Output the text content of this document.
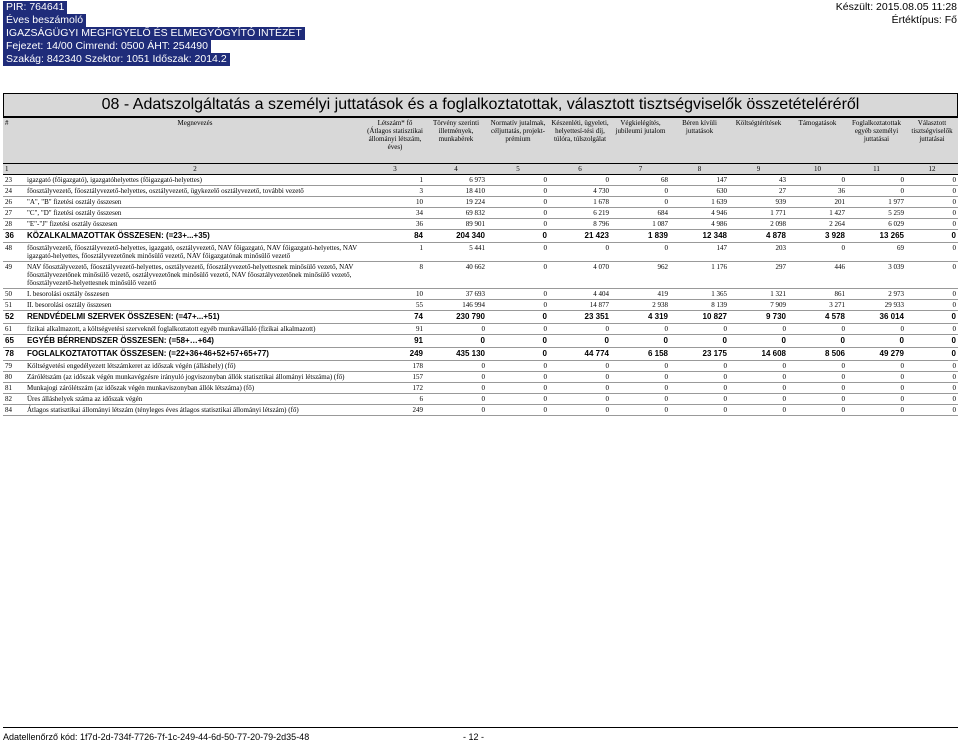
PIR: 764641
Éves beszámoló
IGAZSÁGÜGYI MEGFIGYELŐ ÉS ELMEGYÓGYÍTÓ INTÉZET
Fejezet: 14/00 Cimrend: 0500 ÁHT: 254490
Szakág: 842340 Szektor: 1051 Időszak: 2014.2
Készült: 2015.08.05 11:28
Értéktípus: Fő
08 - Adatszolgáltatás a személyi juttatások és a foglalkoztatottak, választott tisztségviselők összetételéréről
#	Megnevezés	Létszám* fő (Átlagos statisztikai állományi létszám, éves)	Törvény szerinti illetmények, munkabérek	Normatív jutalmak, céljuttatás, projekt-prémium	Készenléti, ügyeleti, helyettesí-tési díj, túlóra, túlszolgálat	Végkielégítés, jubileumi jutalom	Béren kívüli juttatások	Költségtérítések	Támogatások	Foglalkoztatottak egyéb személyi juttatásai	Választott tisztségviselők juttatásai
1	2	3	4	5	6	7	8	9	10	11	12
23	igazgató (főigazgató), igazgatóhelyettes (főigazgató-helyettes)	1	6 973	0	0	68	147	43	0	0	0
24	főosztályvezető, főosztályvezető-helyettes, osztályvezető, ügykezelő osztályvezető, további vezető	3	18 410	0	4 730	0	630	27	36	0	0
26	"A", "B" fizetési osztály összesen	10	19 224	0	1 678	0	1 639	939	201	1 977	0
27	"C", "D" fizetési osztály összesen	34	69 832	0	6 219	684	4 946	1 771	1 427	5 259	0
28	"E"-"J" fizetési osztály összesen	36	89 901	0	8 796	1 087	4 986	2 098	2 264	6 029	0
36	KÖZALKALMAZOTTAK ÖSSZESEN: (=23+...+35)	84	204 340	0	21 423	1 839	12 348	4 878	3 928	13 265	0
48	főosztályvezető, főosztályvezető-helyettes, igazgató, osztályvezető, NAV főigazgató, NAV főigazgató-helyettes, NAV igazgató-helyettes, főosztályvezetőnek minősülő vezető, NAV főigazgatónak minősülő vezető	1	5 441	0	0	0	147	203	0	69	0
49	NAV főosztályvezető, főosztályvezető-helyettes, osztályvezető, főosztályvezető-helyettesnek minősülő vezető, NAV főosztályvezetőnek minősülő vezető, osztályvezetőnek minősülő vezető, NAV főosztályvezetőnek minősülő vezető, főosztályvezető-helyettesnek minősülő vezető	8	40 662	0	4 070	962	1 176	297	446	3 039	0
50	I. besorolási osztály összesen	10	37 693	0	4 404	419	1 365	1 321	861	2 973	0
51	II. besorolási osztály összesen	55	146 994	0	14 877	2 938	8 139	7 909	3 271	29 933	0
52	RENDVÉDELMI SZERVEK ÖSSZESEN: (=47+...+51)	74	230 790	0	23 351	4 319	10 827	9 730	4 578	36 014	0
61	fizikai alkalmazott, a költségvetési szerveknél foglalkoztatott egyéb munkavállaló (fizikai alkalmazott)	91	0	0	0	0	0	0	0	0	0
65	EGYÉB BÉRRENDSZER ÖSSZESEN: (=58+…+64)	91	0	0	0	0	0	0	0	0	0
78	FOGLALKOZTATOTTAK ÖSSZESEN: (=22+36+46+52+57+65+77)	249	435 130	0	44 774	6 158	23 175	14 608	8 506	49 279	0
79	Költségvetési engedélyezett létszámkeret az időszak végén (álláshely) (fő)	178	0	0	0	0	0	0	0	0	0
80	Zárólétszám (az időszak végén munkavégzésre irányuló jogviszonyban állók statisztikai állományi létszáma) (fő)	157	0	0	0	0	0	0	0	0	0
81	Munkajogi zárólétszám (az időszak végén munkaviszonyban állók létszáma) (fő)	172	0	0	0	0	0	0	0	0	0
82	Üres álláshelyek száma az időszak végén	6	0	0	0	0	0	0	0	0	0
84	Átlagos statisztikai állományi létszám (tényleges éves átlagos statisztikai állományi létszám) (fő)	249	0	0	0	0	0	0	0	0	0
Adatellenőrző kód: 1f7d-2d-734f-7726-7f-1c-249-44-6d-50-77-20-79-2d35-48	- 12 -
